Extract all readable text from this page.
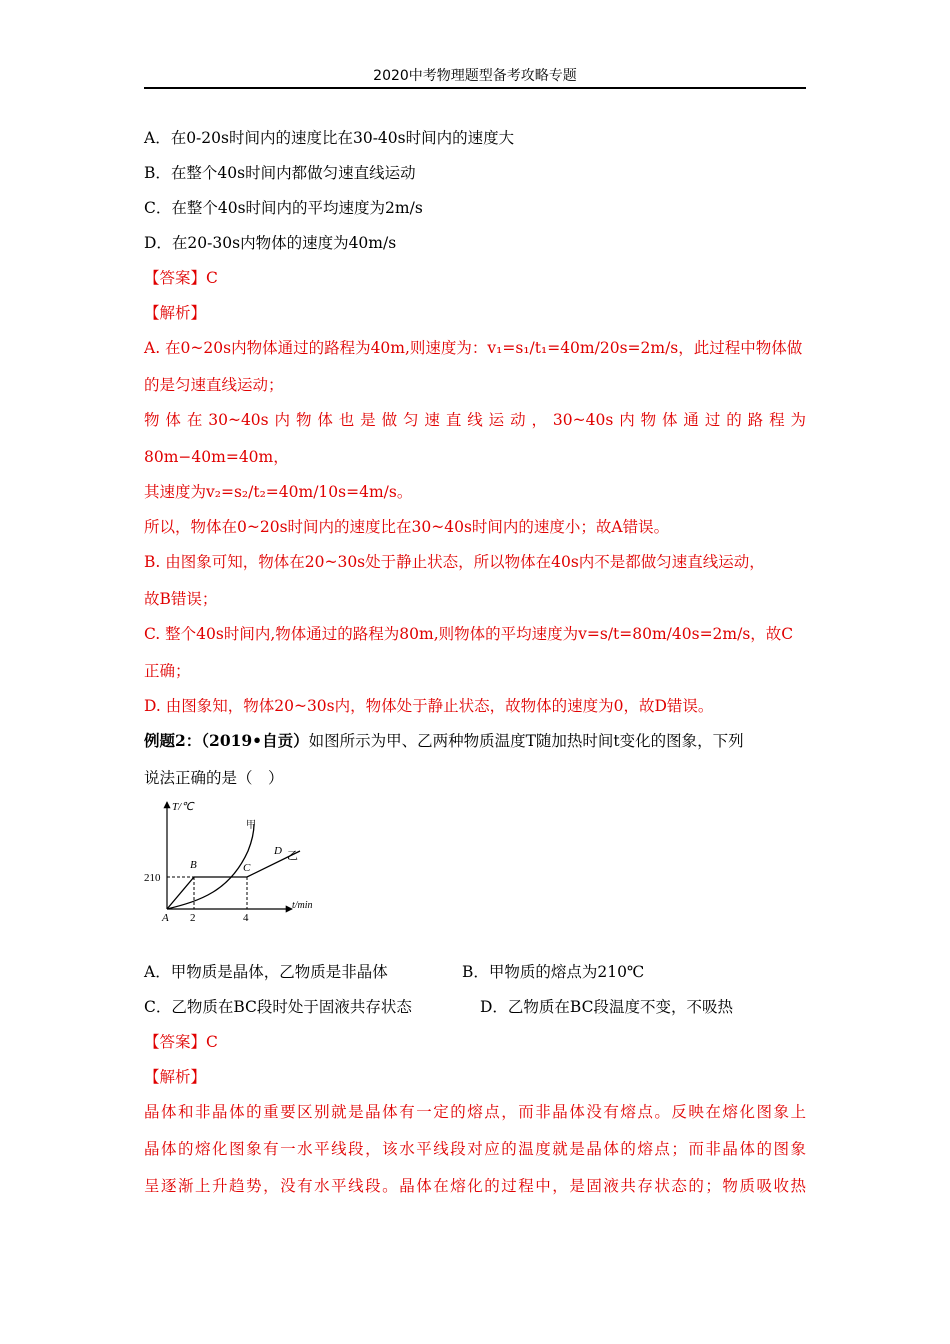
2020中考物理题型备考攻略专题
A．在0-20s时间内的速度比在30-40s时间内的速度大
B．在整个40s时间内都做匀速直线运动
C．在整个40s时间内的平均速度为2m/s
D．在20-30s内物体的速度为40m/s
【答案】C
【解析】
A. 在0~20s内物体通过的路程为40m,则速度为：v₁=s₁/t₁=40m/20s=2m/s，此过程中物体做
的是匀速直线运动；
物体在30~40s内物体也是做匀速直线运动，30~40s内物体通过的路程为
80m−40m=40m，
其速度为v₂=s₂/t₂=40m/10s=4m/s。
所以，物体在0~20s时间内的速度比在30~40s时间内的速度小；故A错误。
B. 由图象可知，物体在20~30s处于静止状态，所以物体在40s内不是都做匀速直线运动，
故B错误；
C. 整个40s时间内,物体通过的路程为80m,则物体的平均速度为v=s/t=80m/40s=2m/s，故C
正确；
D. 由图象知，物体20~30s内，物体处于静止状态，故物体的速度为0，故D错误。
例题2：（2019•自贡）如图所示为甲、乙两种物质温度T随加热时间t变化的图象，下列
说法正确的是（　）
T/℃
t/min
210
2	4
A
B	C
D
甲
乙
A．甲物质是晶体，乙物质是非晶体	B．甲物质的熔点为210℃
C．乙物质在BC段时处于固液共存状态	D．乙物质在BC段温度不变，不吸热
【答案】C
【解析】
晶体和非晶体的重要区别就是晶体有一定的熔点，而非晶体没有熔点。反映在熔化图象上
晶体的熔化图象有一水平线段，该水平线段对应的温度就是晶体的熔点；而非晶体的图象
呈逐渐上升趋势，没有水平线段。晶体在熔化的过程中，是固液共存状态的；物质吸收热
